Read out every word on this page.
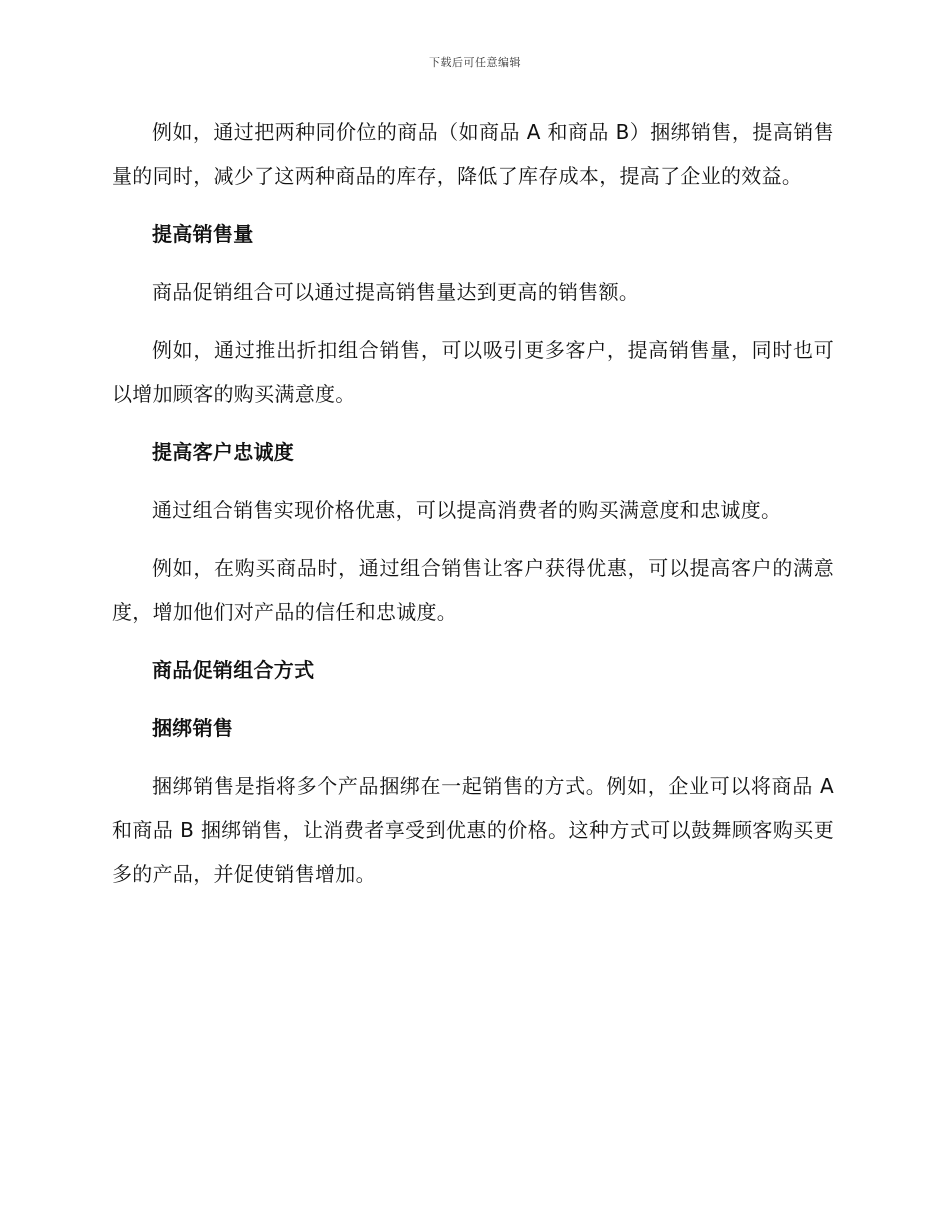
下载后可任意编辑

例如，通过把两种同价位的商品（如商品 A 和商品 B）捆绑销售，提高销售量的同时，减少了这两种商品的库存，降低了库存成本，提高了企业的效益。

提高销售量

商品促销组合可以通过提高销售量达到更高的销售额。

例如，通过推出折扣组合销售，可以吸引更多客户，提高销售量，同时也可以增加顾客的购买满意度。

提高客户忠诚度

通过组合销售实现价格优惠，可以提高消费者的购买满意度和忠诚度。

例如，在购买商品时，通过组合销售让客户获得优惠，可以提高客户的满意度，增加他们对产品的信任和忠诚度。

商品促销组合方式

捆绑销售

捆绑销售是指将多个产品捆绑在一起销售的方式。例如，企业可以将商品 A 和商品 B 捆绑销售，让消费者享受到优惠的价格。这种方式可以鼓舞顾客购买更多的产品，并促使销售增加。
